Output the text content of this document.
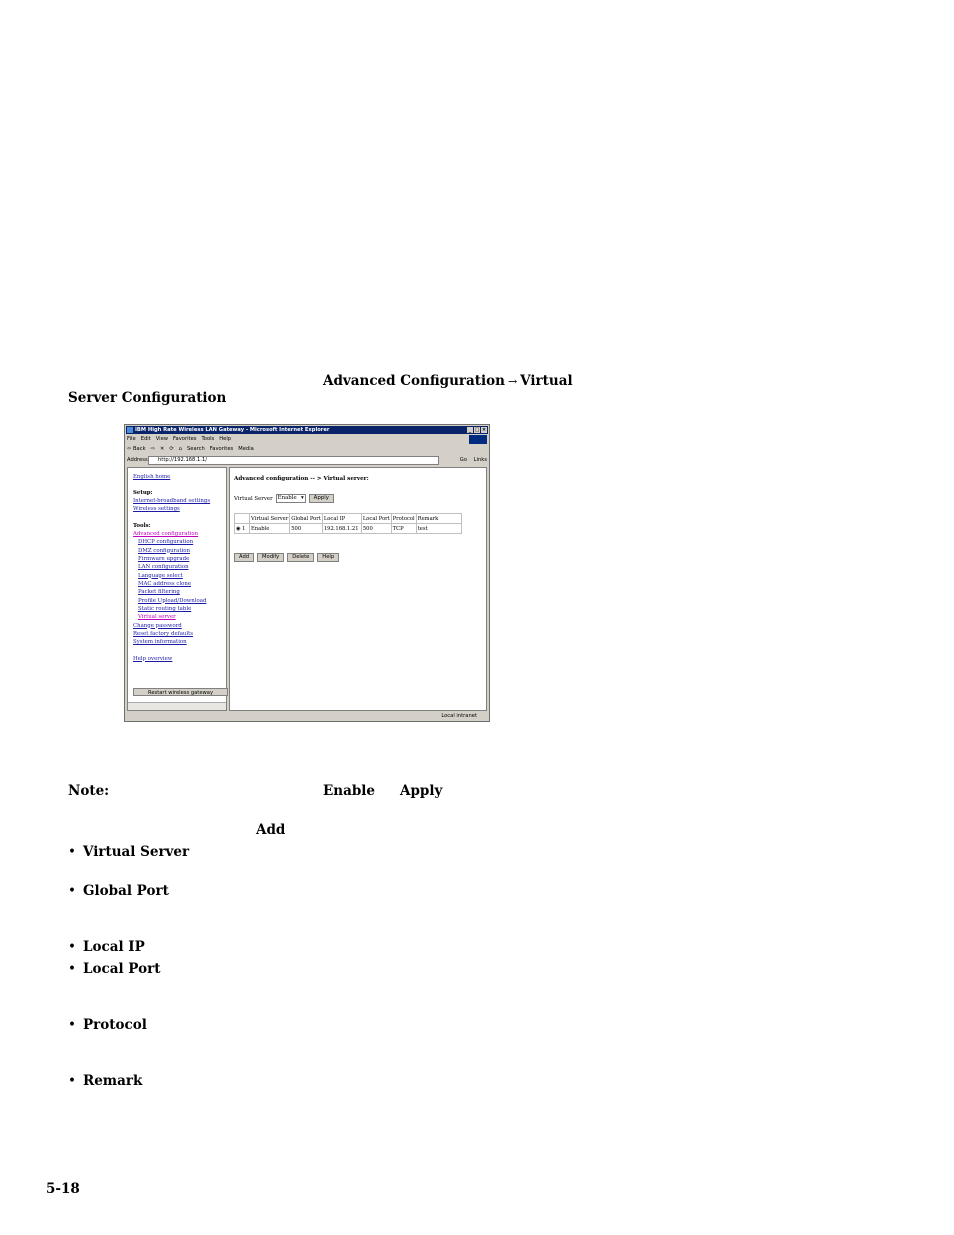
Advanced Configuration → Virtual
Server Configuration
IBM High Rate Wireless LAN Gateway - Microsoft Internet Explorer	_ □ ×
File Edit View Favorites Tools Help
⇦ Back ⇨ ✕ ⟳ ⌂ Search Favorites Media
Address	http://192.168.1.1/	Go Links
English home
Setup:
Internet-broadband settings
Wireless settings
Tools:
Advanced configuration
DHCP configuration
DMZ configuration
Firmware upgrade
LAN configuration
Language select
MAC address clone
Packet filtering
Profile Upload/Download
Static routing table
Virtual server
Change password
Reset factory defaults
System information
Help overview
Restart wireless gateway
Advanced configuration -- > Virtual server:
Virtual Server Enable ▾	Apply
	Virtual Server	Global Port	Local IP	Local Port	Protocol	Remark
◉ 1	Enable	500	192.168.1.21	500	TCP	test
Add	Modify	Delete	Help
Local intranet
Note:	Enable Apply
Add
• Virtual Server
• Global Port
• Local IP
• Local Port
• Protocol
• Remark
5-18
